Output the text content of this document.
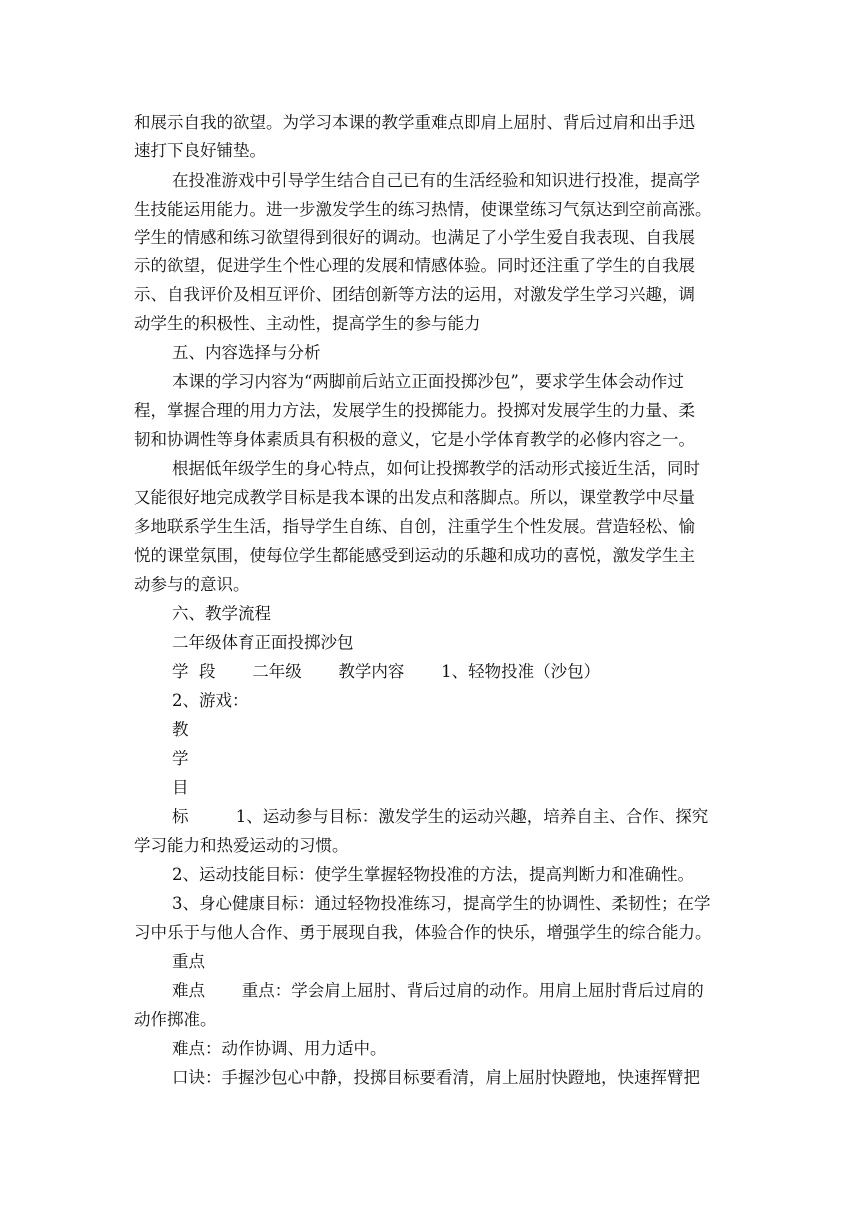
和展示自我的欲望。为学习本课的教学重难点即肩上屈肘、背后过肩和出手迅
速打下良好铺垫。
在投准游戏中引导学生结合自己已有的生活经验和知识进行投准，提高学
生技能运用能力。进一步激发学生的练习热情，使课堂练习气氛达到空前高涨。
学生的情感和练习欲望得到很好的调动。也满足了小学生爱自我表现、自我展
示的欲望，促进学生个性心理的发展和情感体验。同时还注重了学生的自我展
示、自我评价及相互评价、团结创新等方法的运用，对激发学生学习兴趣，调
动学生的积极性、主动性，提高学生的参与能力
五、内容选择与分析
本课的学习内容为“两脚前后站立正面投掷沙包”，要求学生体会动作过
程，掌握合理的用力方法，发展学生的投掷能力。投掷对发展学生的力量、柔
韧和协调性等身体素质具有积极的意义，它是小学体育教学的必修内容之一。
根据低年级学生的身心特点，如何让投掷教学的活动形式接近生活，同时
又能很好地完成教学目标是我本课的出发点和落脚点。所以，课堂教学中尽量
多地联系学生生活，指导学生自练、自创，注重学生个性发展。营造轻松、愉
悦的课堂氛围，使每位学生都能感受到运动的乐趣和成功的喜悦，激发学生主
动参与的意识。
六、教学流程
二年级体育正面投掷沙包
学  段       二年级       教学内容       1、轻物投准（沙包）
2、游戏：
教
学
目
标         1、运动参与目标：激发学生的运动兴趣，培养自主、合作、探究
学习能力和热爱运动的习惯。
2、运动技能目标：使学生掌握轻物投准的方法，提高判断力和准确性。
3、身心健康目标：通过轻物投准练习，提高学生的协调性、柔韧性；在学
习中乐于与他人合作、勇于展现自我，体验合作的快乐，增强学生的综合能力。
重点
难点       重点：学会肩上屈肘、背后过肩的动作。用肩上屈肘背后过肩的
动作掷准。
难点：动作协调、用力适中。
口诀：手握沙包心中静，投掷目标要看清，肩上屈肘快蹬地，快速挥臂把
